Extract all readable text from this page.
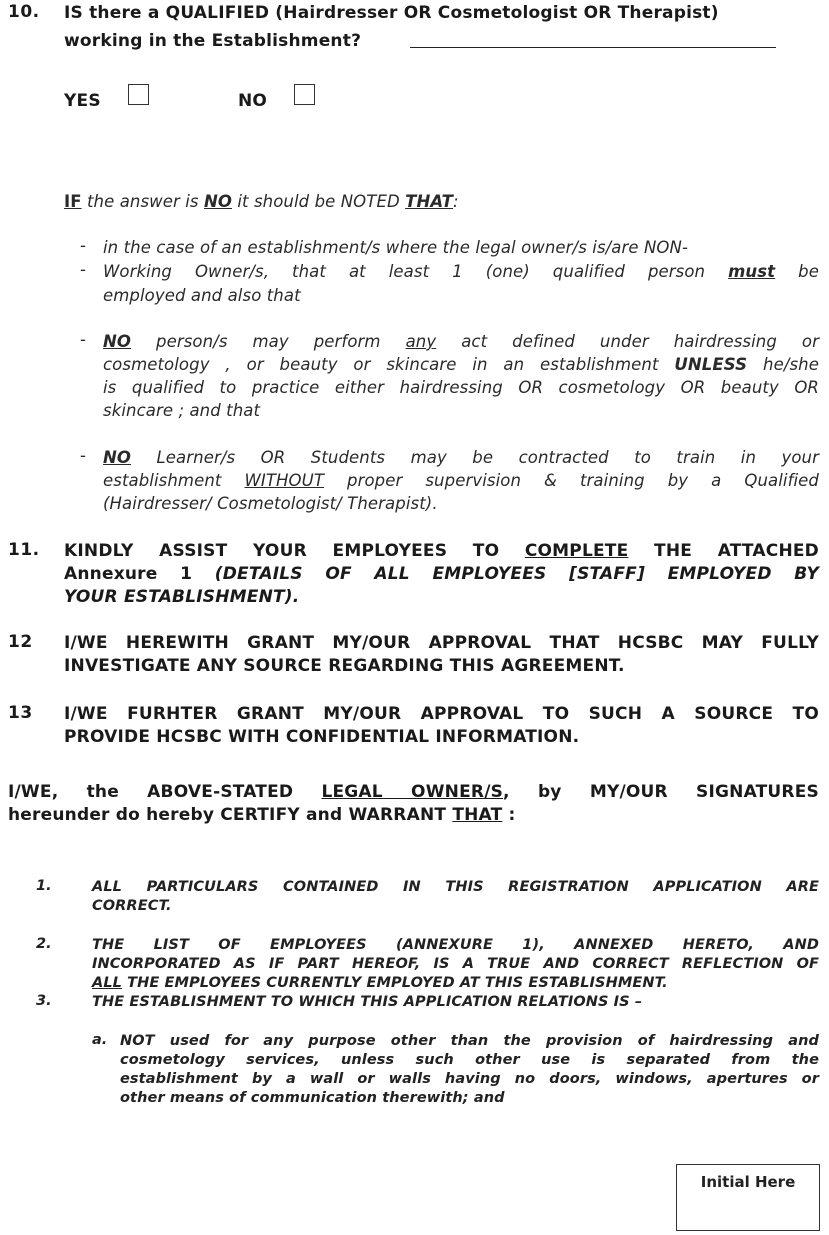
10. IS there a QUALIFIED (Hairdresser OR Cosmetologist OR Therapist)
working in the Establishment?
YES	NO
IF the answer is NO it should be NOTED THAT:
- in the case of an establishment/s where the legal owner/s is/are NON-
- Working Owner/s, that at least 1 (one) qualified person must be
employed and also that
- NO person/s may perform any act defined under hairdressing or
cosmetology , or beauty or skincare in an establishment UNLESS he/she
is qualified to practice either hairdressing OR cosmetology OR beauty OR
skincare ; and that
- NO Learner/s OR Students may be contracted to train in your
establishment WITHOUT proper supervision & training by a Qualified
(Hairdresser/ Cosmetologist/ Therapist).
11. KINDLY ASSIST YOUR EMPLOYEES TO COMPLETE THE ATTACHED
Annexure 1 (DETAILS OF ALL EMPLOYEES [STAFF] EMPLOYED BY
YOUR ESTABLISHMENT).
12 I/WE HEREWITH GRANT MY/OUR APPROVAL THAT HCSBC MAY FULLY
INVESTIGATE ANY SOURCE REGARDING THIS AGREEMENT.
13 I/WE FURHTER GRANT MY/OUR APPROVAL TO SUCH A SOURCE TO
PROVIDE HCSBC WITH CONFIDENTIAL INFORMATION.
I/WE, the ABOVE-STATED LEGAL OWNER/S, by MY/OUR SIGNATURES
hereunder do hereby CERTIFY and WARRANT THAT :
1.	ALL PARTICULARS CONTAINED IN THIS REGISTRATION APPLICATION ARE
CORRECT.
2.	THE LIST OF EMPLOYEES (ANNEXURE 1), ANNEXED HERETO, AND
INCORPORATED AS IF PART HEREOF, IS A TRUE AND CORRECT REFLECTION OF
ALL THE EMPLOYEES CURRENTLY EMPLOYED AT THIS ESTABLISHMENT.
3.	THE ESTABLISHMENT TO WHICH THIS APPLICATION RELATIONS IS –
a. NOT used for any purpose other than the provision of hairdressing and
cosmetology services, unless such other use is separated from the
establishment by a wall or walls having no doors, windows, apertures or
other means of communication therewith; and
Initial Here
